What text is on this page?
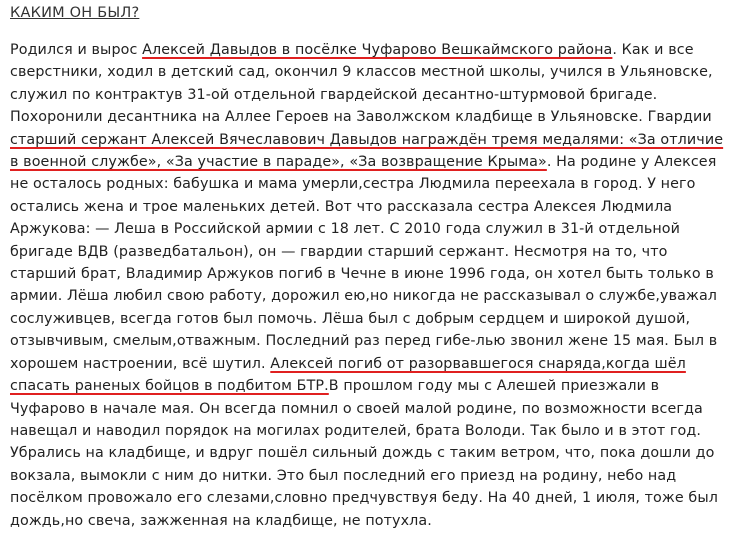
КАКИМ ОН БЫЛ?

Родился и вырос Алексей Давыдов в посёлке Чуфарово Вешкаймского района. Как и все сверстники, ходил в детский сад, окончил 9 классов местной школы, учился в Ульяновске, служил по контрактув 31-ой отдельной гвардейской десантно-штурмовой бригаде. Похоронили десантника на Аллее Героев на Заволжском кладбище в Ульяновске. Гвардии старший сержант Алексей Вячеславович Давыдов награждён тремя медалями: «За отличие в военной службе», «За участие в параде», «За возвращение Крыма». На родине у Алексея не осталось родных: бабушка и мама умерли,сестра Людмила переехала в город. У него остались жена и трое маленьких детей. Вот что рассказала сестра Алексея Людмила Аржукова: — Леша в Российской армии с 18 лет. С 2010 года служил в 31-й отдельной бригаде ВДВ (разведбатальон), он — гвардии старший сержант. Несмотря на то, что старший брат, Владимир Аржуков погиб в Чечне в июне 1996 года, он хотел быть только в армии. Лёша любил свою работу, дорожил ею,но никогда не рассказывал о службе,уважал сослуживцев, всегда готов был помочь. Лёша был с добрым сердцем и широкой душой, отзывчивым, смелым,отважным. Последний раз перед гибе-лью звонил жене 15 мая. Был в хорошем настроении, всё шутил. Алексей погиб от разорвавшегося снаряда,когда шёл спасать раненых бойцов в подбитом БТР.В прошлом году мы с Алешей приезжали в Чуфарово в начале мая. Он всегда помнил о своей малой родине, по возможности всегда навещал и наводил порядок на могилах родителей, брата Володи. Так было и в этот год. Убрались на кладбище, и вдруг пошёл сильный дождь с таким ветром, что, пока дошли до вокзала, вымокли с ним до нитки. Это был последний его приезд на родину, небо над посёлком провожало его слезами,словно предчувствуя беду. На 40 дней, 1 июля, тоже был дождь,но свеча, зажженная на кладбище, не потухла.
